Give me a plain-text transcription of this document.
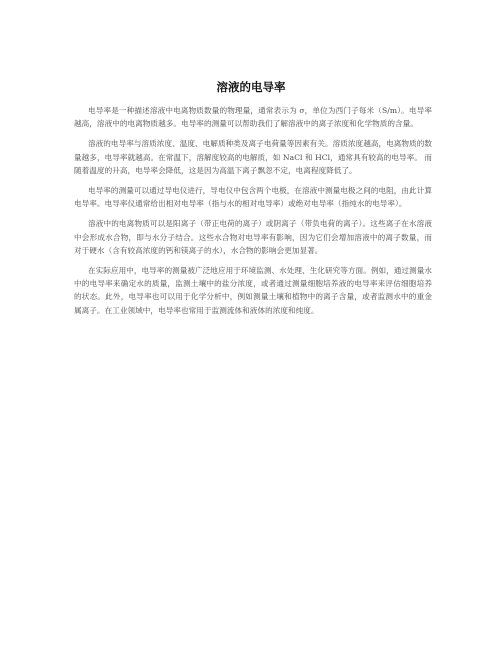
溶液的电导率

电导率是一种描述溶液中电离物质数量的物理量，通常表示为 σ，单位为西门子每米（S/m）。电导率越高，溶液中的电离物质越多。电导率的测量可以帮助我们了解溶液中的离子浓度和化学物质的含量。

溶液的电导率与溶质浓度、温度、电解质种类及离子电荷量等因素有关。溶质浓度越高，电离物质的数量越多，电导率就越高。在常温下，溶解度较高的电解质，如 NaCl 和 HCl，通常具有较高的电导率。 而随着温度的升高，电导率会降低，这是因为高温下离子飘忽不定，电离程度降低了。

电导率的测量可以通过导电仪进行，导电仪中包含两个电极，在溶液中测量电极之间的电阻，由此计算电导率。电导率仪通常给出相对电导率（指与水的相对电导率）或绝对电导率（指纯水的电导率）。

溶液中的电离物质可以是阳离子（带正电荷的离子）或阴离子（带负电荷的离子）。这些离子在水溶液中会形成水合物，即与水分子结合。这些水合物对电导率有影响，因为它们会增加溶液中的离子数量，而对于硬水（含有较高浓度的钙和镁离子的水），水合物的影响会更加显著。

在实际应用中，电导率的测量被广泛地应用于环境监测、水处理、生化研究等方面。例如，通过测量水中的电导率来确定水的质量，监测土壤中的盐分浓度，或者通过测量细胞培养液的电导率来评估细胞培养的状态。此外，电导率也可以用于化学分析中，例如测量土壤和植物中的离子含量，或者监测水中的重金属离子。在工业领域中，电导率也常用于监测流体和液体的浓度和纯度。
